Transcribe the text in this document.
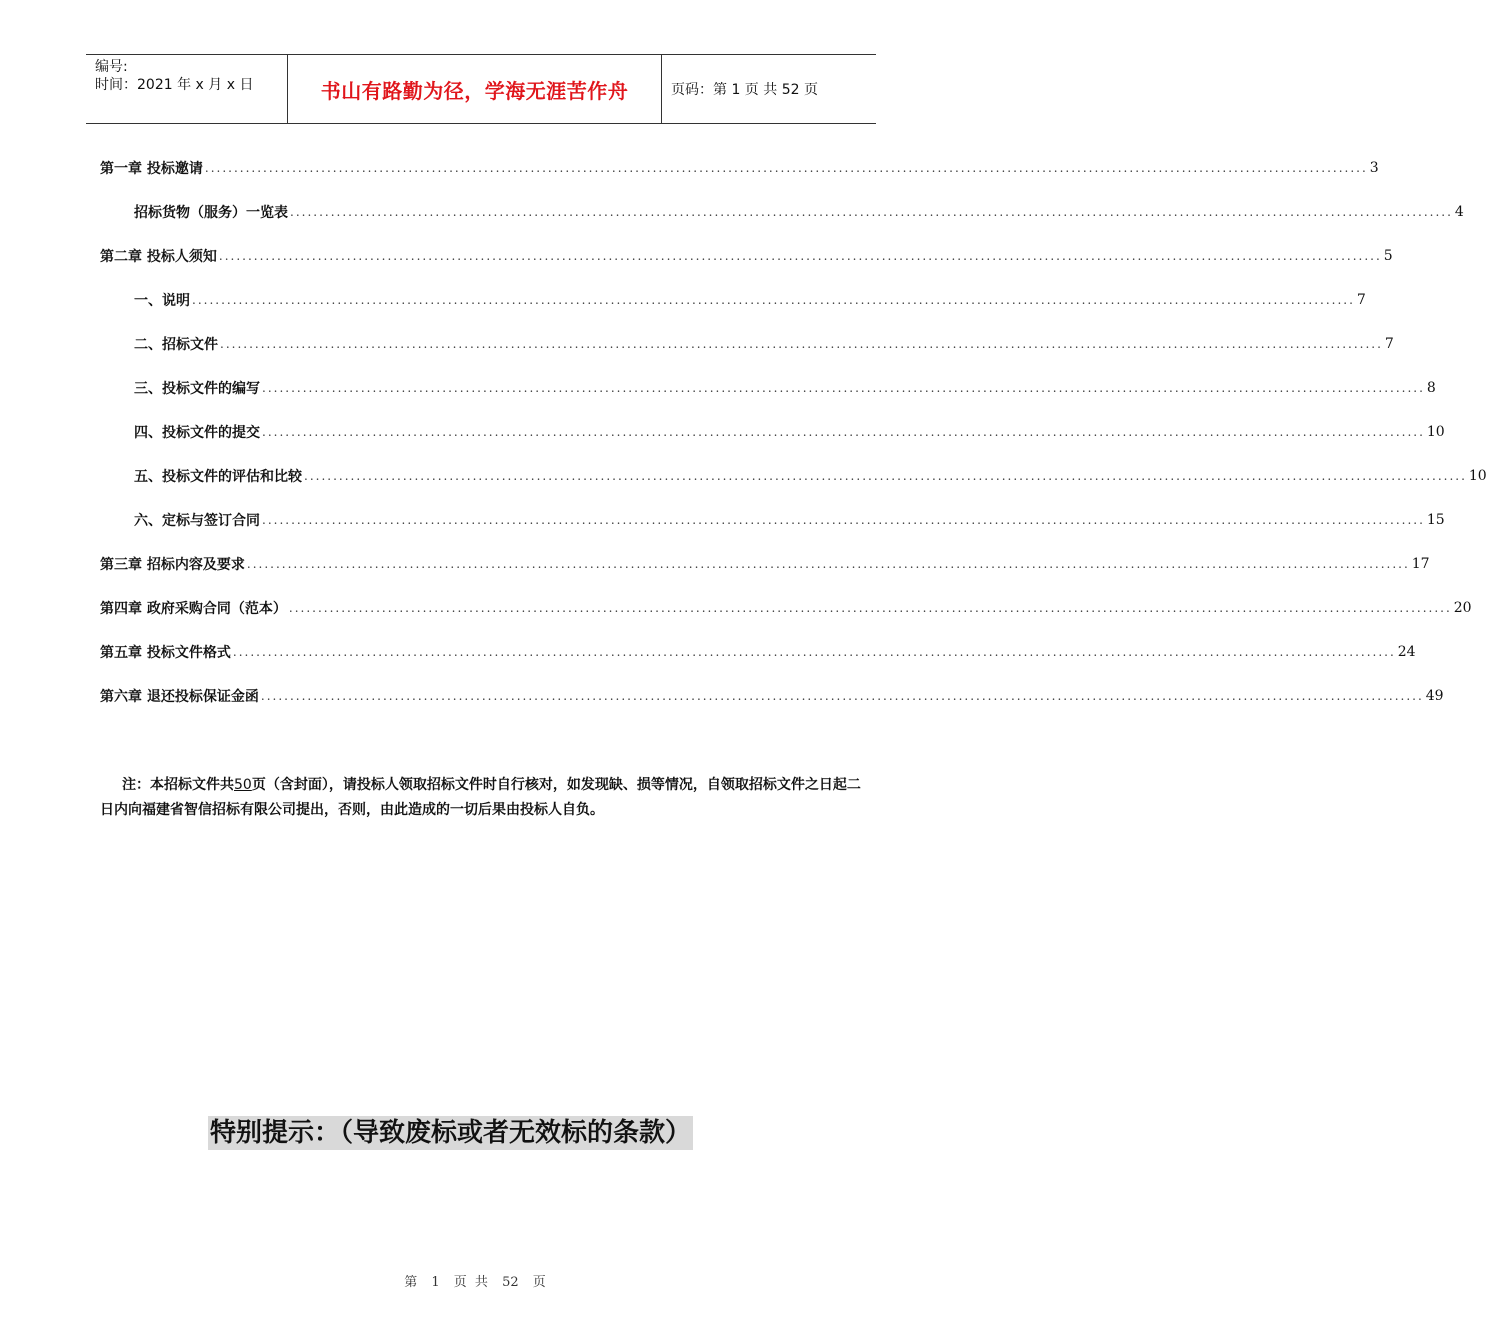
编号:
时间：2021 年 x 月 x 日	书山有路勤为径，学海无涯苦作舟	页码：第 1 页 共 52 页
第一章 投标邀请 ........................................................................................................................................................................................................ 3
招标货物（服务）一览表 ........................................................................................................................................................................................................ 4
第二章 投标人须知 ........................................................................................................................................................................................................ 5
一、说明 ........................................................................................................................................................................................................ 7
二、招标文件 ........................................................................................................................................................................................................ 7
三、投标文件的编写 ........................................................................................................................................................................................................ 8
四、投标文件的提交 ........................................................................................................................................................................................................ 10
五、投标文件的评估和比较 ........................................................................................................................................................................................................ 10
六、定标与签订合同 ........................................................................................................................................................................................................ 15
第三章 招标内容及要求 ........................................................................................................................................................................................................ 17
第四章 政府采购合同（范本） ........................................................................................................................................................................................................ 20
第五章 投标文件格式 ........................................................................................................................................................................................................ 24
第六章 退还投标保证金函 ........................................................................................................................................................................................................ 49
注：本招标文件共50页（含封面），请投标人领取招标文件时自行核对，如发现缺、损等情况，自领取招标文件之日起二日内向福建省智信招标有限公司提出，否则，由此造成的一切后果由投标人自负。
特别提示：（导致废标或者无效标的条款）
第 1 页 共 52 页
